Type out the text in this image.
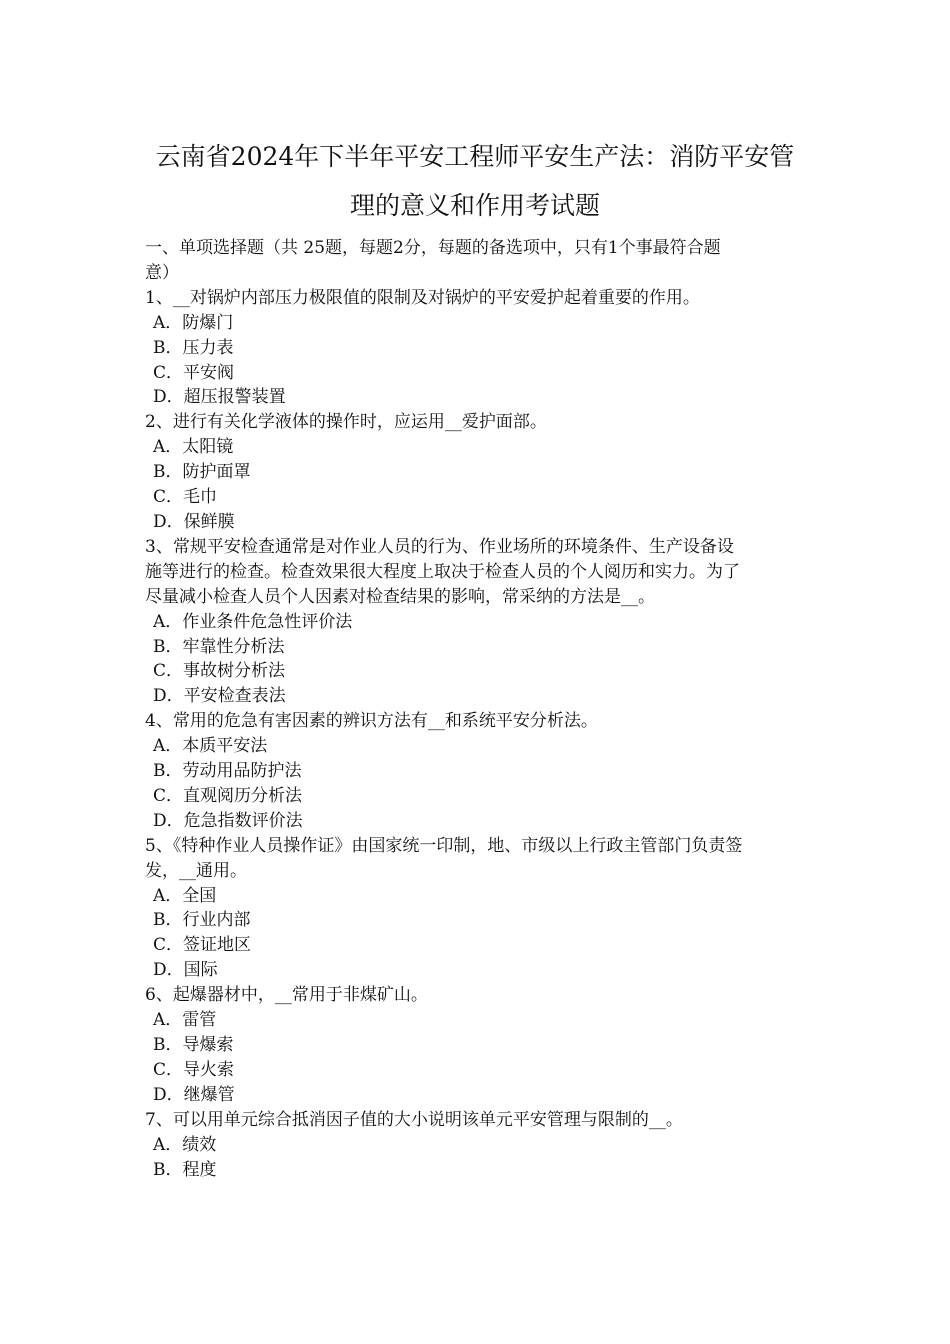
云南省2024年下半年平安工程师平安生产法：消防平安管
理的意义和作用考试题
一、单项选择题（共 25题，每题2分，每题的备选项中，只有1个事最符合题
意）
1、__对锅炉内部压力极限值的限制及对锅炉的平安爱护起着重要的作用。
A．防爆门
B．压力表
C．平安阀
D．超压报警装置
2、进行有关化学液体的操作时，应运用__爱护面部。
A．太阳镜
B．防护面罩
C．毛巾
D．保鲜膜
3、常规平安检查通常是对作业人员的行为、作业场所的环境条件、生产设备设
施等进行的检查。检查效果很大程度上取决于检查人员的个人阅历和实力。为了
尽量减小检查人员个人因素对检查结果的影响，常采纳的方法是__。
A．作业条件危急性评价法
B．牢靠性分析法
C．事故树分析法
D．平安检查表法
4、常用的危急有害因素的辨识方法有__和系统平安分析法。
A．本质平安法
B．劳动用品防护法
C．直观阅历分析法
D．危急指数评价法
5、《特种作业人员操作证》由国家统一印制，地、市级以上行政主管部门负责签
发，__通用。
A．全国
B．行业内部
C．签证地区
D．国际
6、起爆器材中，__常用于非煤矿山。
A．雷管
B．导爆索
C．导火索
D．继爆管
7、可以用单元综合抵消因子值的大小说明该单元平安管理与限制的__。
A．绩效
B．程度
